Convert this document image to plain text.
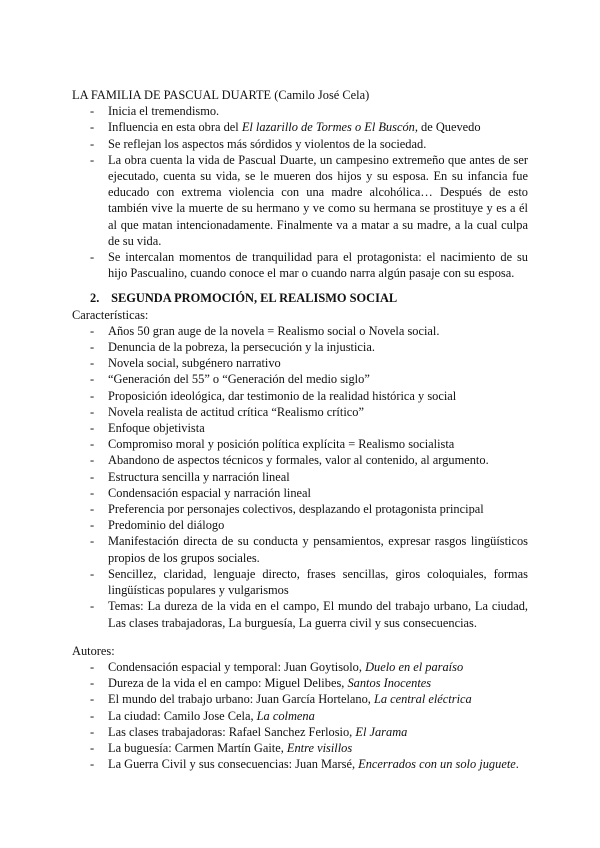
LA FAMILIA DE PASCUAL DUARTE (Camilo José Cela)

- Inicia el tremendismo.
- Influencia en esta obra del El lazarillo de Tormes o El Buscón, de Quevedo
- Se reflejan los aspectos más sórdidos y violentos de la sociedad.
- La obra cuenta la vida de Pascual Duarte, un campesino extremeño que antes de ser ejecutado, cuenta su vida, se le mueren dos hijos y su esposa. En su infancia fue educado con extrema violencia con una madre alcohólica… Después de esto también vive la muerte de su hermano y ve como su hermana se prostituye y es a él al que matan intencionadamente. Finalmente va a matar a su madre, a la cual culpa de su vida.
- Se intercalan momentos de tranquilidad para el protagonista: el nacimiento de su hijo Pascualino, cuando conoce el mar o cuando narra algún pasaje con su esposa.

2. SEGUNDA PROMOCIÓN, EL REALISMO SOCIAL

Características:

- Años 50 gran auge de la novela = Realismo social o Novela social.
- Denuncia de la pobreza, la persecución y la injusticia.
- Novela social, subgénero narrativo
- “Generación del 55” o “Generación del medio siglo”
- Proposición ideológica, dar testimonio de la realidad histórica y social
- Novela realista de actitud crítica “Realismo crítico”
- Enfoque objetivista
- Compromiso moral y posición política explícita = Realismo socialista
- Abandono de aspectos técnicos y formales, valor al contenido, al argumento.
- Estructura sencilla y narración lineal
- Condensación espacial y narración lineal
- Preferencia por personajes colectivos, desplazando el protagonista principal
- Predominio del diálogo
- Manifestación directa de su conducta y pensamientos, expresar rasgos lingüísticos propios de los grupos sociales.
- Sencillez, claridad, lenguaje directo, frases sencillas, giros coloquiales, formas lingüísticas populares y vulgarismos
- Temas: La dureza de la vida en el campo, El mundo del trabajo urbano, La ciudad, Las clases trabajadoras, La burguesía, La guerra civil y sus consecuencias.

Autores:

- Condensación espacial y temporal: Juan Goytisolo, Duelo en el paraíso
- Dureza de la vida el en campo: Miguel Delibes, Santos Inocentes
- El mundo del trabajo urbano: Juan García Hortelano, La central eléctrica
- La ciudad: Camilo Jose Cela, La colmena
- Las clases trabajadoras: Rafael Sanchez Ferlosio, El Jarama
- La buguesía: Carmen Martín Gaite, Entre visillos
- La Guerra Civil y sus consecuencias: Juan Marsé, Encerrados con un solo juguete.
